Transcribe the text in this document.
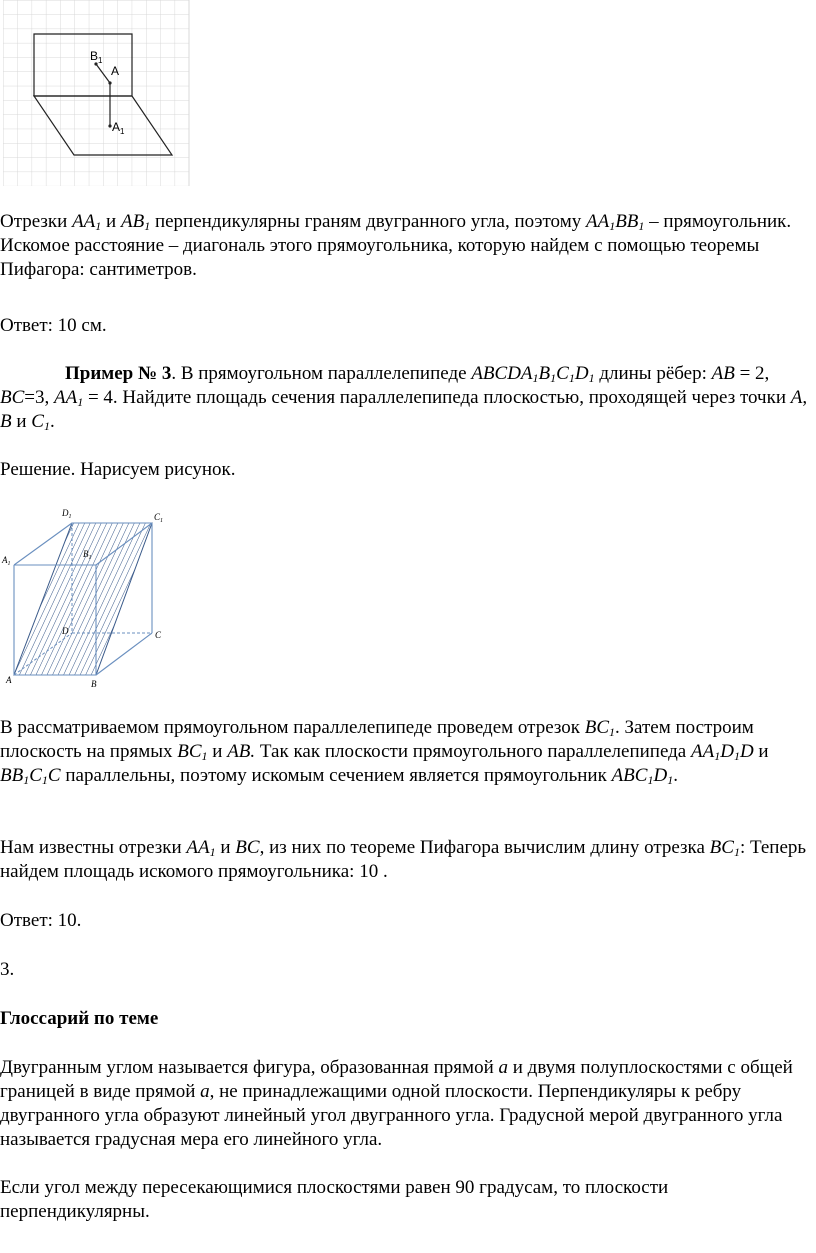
$B_1$
A
$A_1$

Отрезки $AA_1$ и $AB_1$ перпендикулярны граням двугранного угла, поэтому $AA_1BB_1$ – прямоугольник. Искомое расстояние – диагональ этого прямоугольника, которую найдем с помощью теоремы Пифагора: сантиметров.

Ответ: 10 см.

Пример № 3. В прямоугольном параллелепипеде $ABCDA_1B_1C_1D_1$ длины рёбер: AB = 2, BC=3, $AA_1 = 4$. Найдите площадь сечения параллелепипеда плоскостью, проходящей через точки A, B и $C_1$.

Решение. Нарисуем рисунок.

$D_1$	$C_1$
$B_1$
$A_1$
D	C
A	B

В рассматриваемом прямоугольном параллелепипеде проведем отрезок $BC_1$. Затем построим плоскость на прямых $BC_1$ и AB. Так как плоскости прямоугольного параллелепипеда $AA_1D_1D$ и $BB_1C_1C$ параллельны, поэтому искомым сечением является прямоугольник $ABC_1D_1$.

Нам известны отрезки $AA_1$ и BC, из них по теореме Пифагора вычислим длину отрезка $BC_1$: Теперь найдем площадь искомого прямоугольника: 10 .

Ответ: 10.

3.

Глоссарий по теме

Двугранным углом называется фигура, образованная прямой а и двумя полуплоскостями с общей границей в виде прямой а, не принадлежащими одной плоскости. Перпендикуляры к ребру двугранного угла образуют линейный угол двугранного угла. Градусной мерой двугранного угла называется градусная мера его линейного угла.

Если угол между пересекающимися плоскостями равен 90 градусам, то плоскости перпендикулярны.
